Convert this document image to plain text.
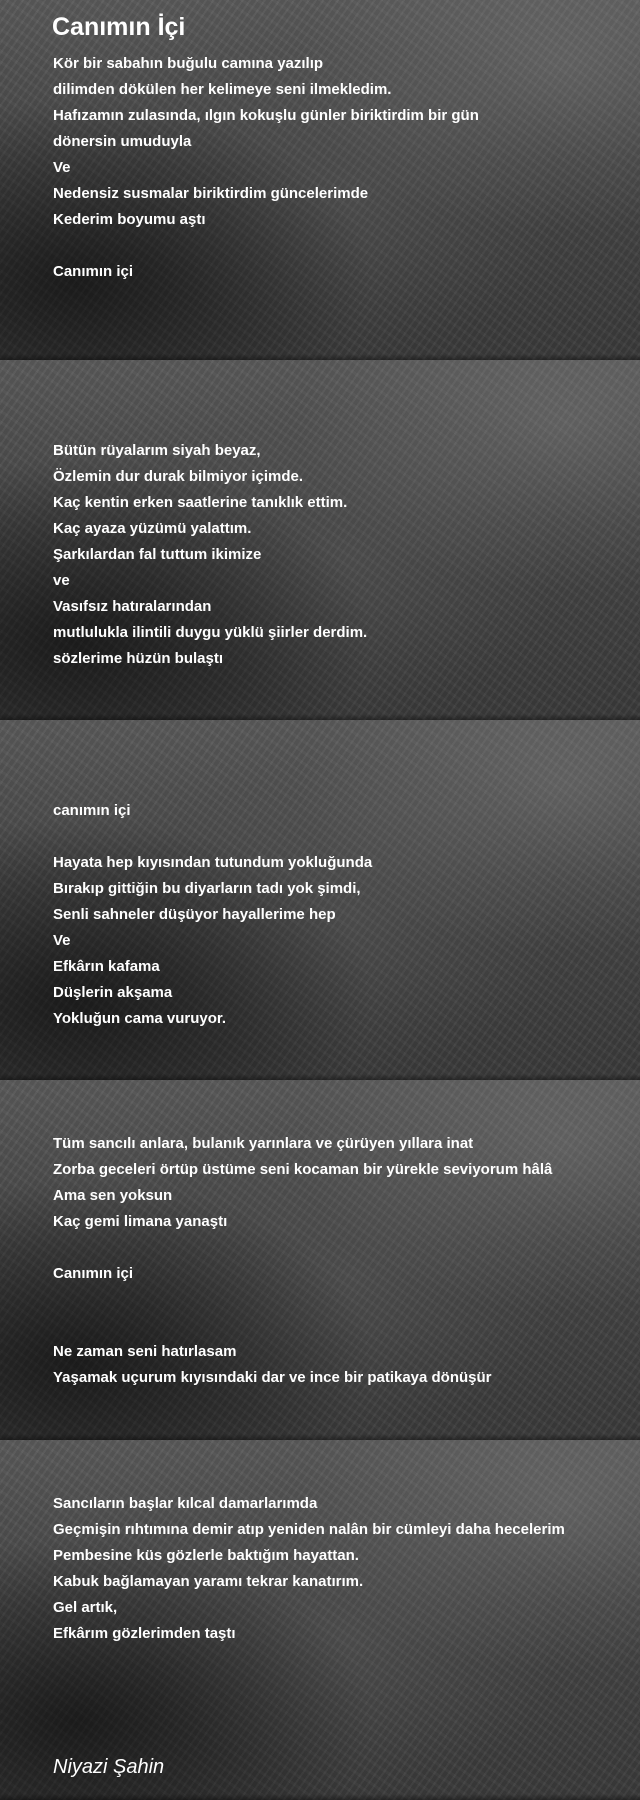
Canımın İçi
Kör bir sabahın buğulu camına yazılıp
dilimden dökülen her kelimeye seni ilmekledim.
Hafızamın zulasında, ılgın kokuşlu günler biriktirdim bir gün
dönersin umuduyla
Ve
Nedensiz susmalar biriktirdim güncelerimde
Kederim boyumu aştı
Canımın içi
Bütün rüyalarım siyah beyaz,
Özlemin dur durak bilmiyor içimde.
Kaç kentin erken saatlerine tanıklık ettim.
Kaç ayaza yüzümü yalattım.
Şarkılardan fal tuttum ikimize
ve
Vasıfsız hatıralarından
mutlulukla ilintili duygu yüklü şiirler derdim.
sözlerime hüzün bulaştı
canımın içi
Hayata hep kıyısından tutundum yokluğunda
Bırakıp gittiğin bu diyarların tadı yok şimdi,
Senli sahneler düşüyor hayallerime hep
Ve
Efkârın kafama
Düşlerin akşama
Yokluğun cama vuruyor.
Tüm sancılı anlara, bulanık yarınlara ve çürüyen yıllara inat
Zorba geceleri örtüp üstüme seni kocaman bir yürekle seviyorum hâlâ
Ama sen yoksun
Kaç gemi limana yanaştı
Canımın içi
Ne zaman seni hatırlasam
Yaşamak uçurum kıyısındaki dar ve ince bir patikaya dönüşür
Sancıların başlar kılcal damarlarımda
Geçmişin rıhtımına demir atıp yeniden nalân bir cümleyi daha hecelerim
Pembesine küs gözlerle baktığım hayattan.
Kabuk bağlamayan yaramı tekrar kanatırım.
Gel artık,
Efkârım gözlerimden taştı
Niyazi Şahin
